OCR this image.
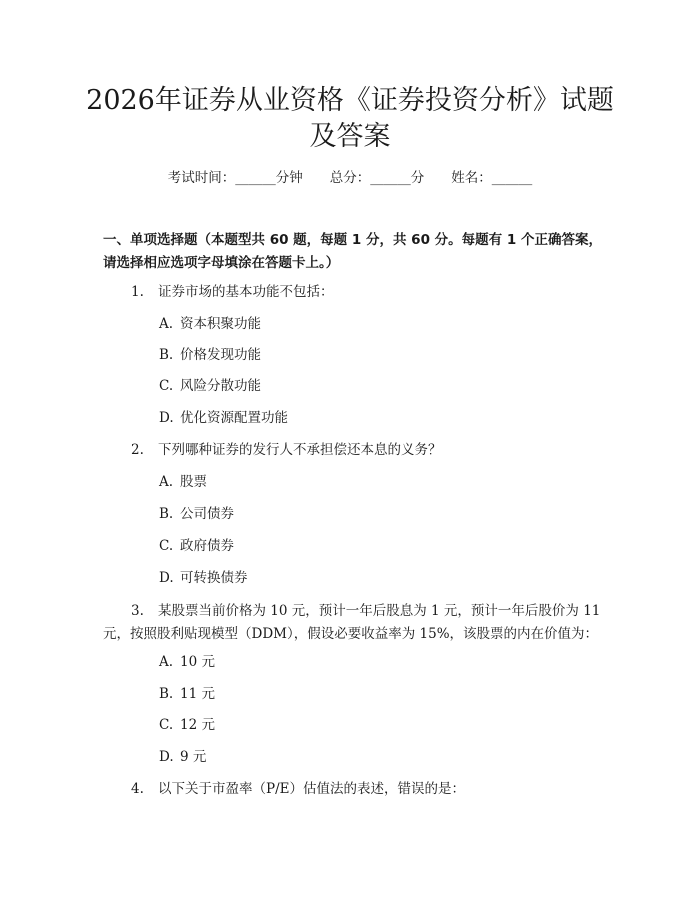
2026年证券从业资格《证券投资分析》试题
及答案
考试时间：______分钟　　总分：______分　　姓名：______
一、单项选择题（本题型共 60 题，每题 1 分，共 60 分。每题有 1 个正确答案，
请选择相应选项字母填涂在答题卡上。）
1. 证券市场的基本功能不包括：
A. 资本积聚功能
B. 价格发现功能
C. 风险分散功能
D. 优化资源配置功能
2. 下列哪种证券的发行人不承担偿还本息的义务？
A. 股票
B. 公司债券
C. 政府债券
D. 可转换债券
3. 某股票当前价格为 10 元，预计一年后股息为 1 元，预计一年后股价为 11
元，按照股利贴现模型（DDM），假设必要收益率为 15%，该股票的内在价值为：
A. 10 元
B. 11 元
C. 12 元
D. 9 元
4. 以下关于市盈率（P/E）估值法的表述，错误的是：
